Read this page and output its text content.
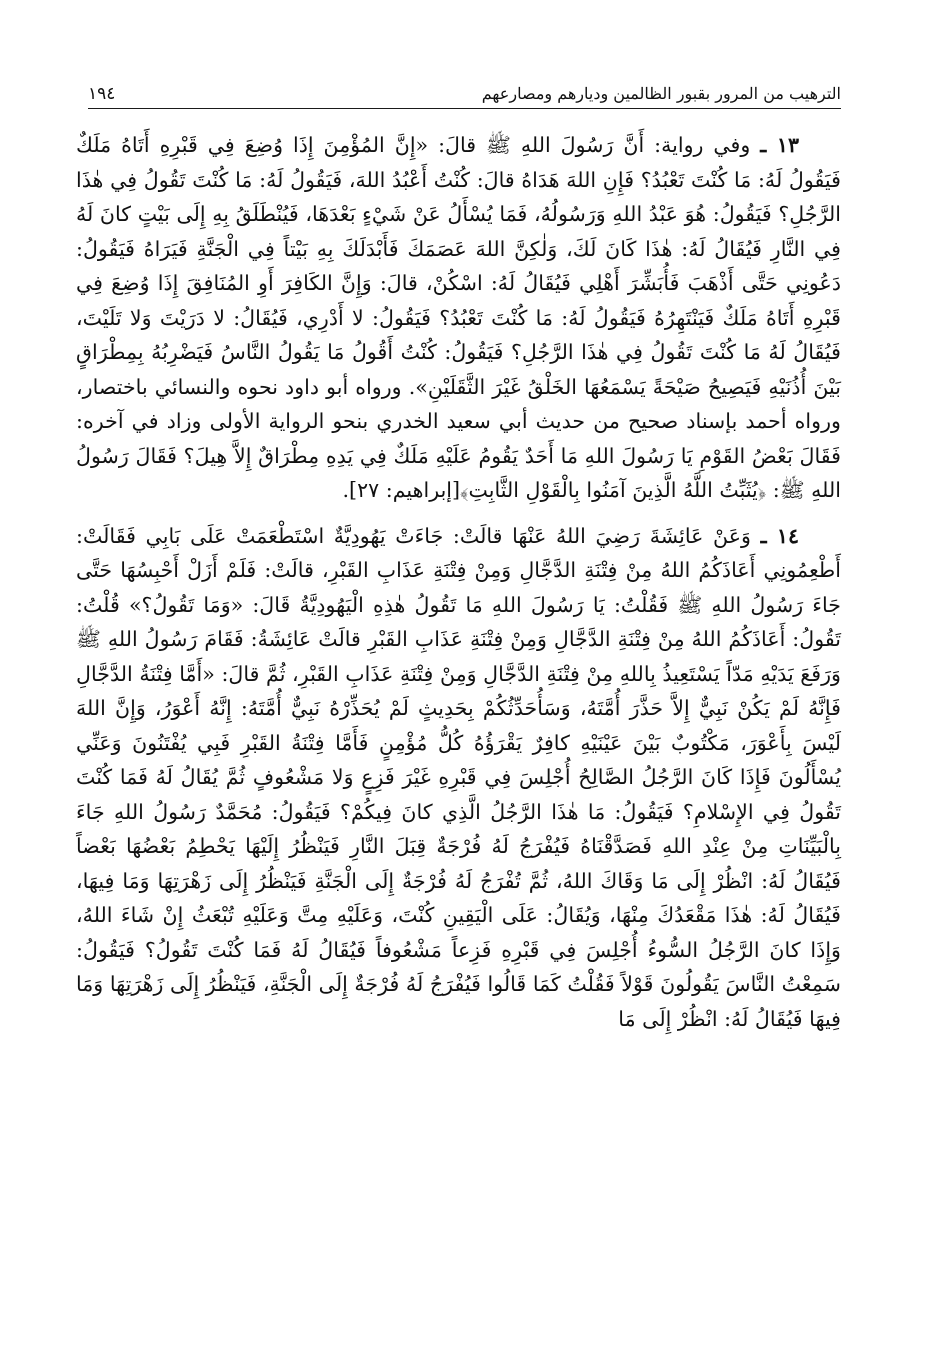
الترهيب من المرور بقبور الظالمين وديارهم ومصارعهم
١٩٤

١٣ ـ وفي رواية: أَنَّ رَسُولَ اللهِ ﷺ قالَ: «إِنَّ المُؤْمِنَ إِذَا وُضِعَ فِي قَبْرِهِ أَتَاهُ مَلَكٌ فَيَقُولُ لَهُ: مَا كُنْتَ تَعْبُدُ؟ فَإِنِ اللهَ هَدَاهُ قالَ: كُنْتُ أَعْبُدُ اللهَ، فَيَقُولُ لَهُ: مَا كُنْتَ تَقُولُ فِي هٰذَا الرَّجُلِ؟ فَيَقُولُ: هُوَ عَبْدُ اللهِ وَرَسُولُهُ، فَمَا يُسْأَلُ عَنْ شَيْءٍ بَعْدَهَا، فَيُنْطَلَقُ بِهِ إِلَى بَيْتٍ كانَ لَهُ فِي النَّارِ فَيُقَالُ لَهُ: هٰذَا كَانَ لَكَ، وَلٰكِنَّ اللهَ عَصَمَكَ فَأَبْدَلَكَ بِهِ بَيْتاً فِي الْجَنَّةِ فَيَرَاهُ فَيَقُولُ: دَعُونِي حَتَّى أَذْهَبَ فَأُبَشِّرَ أَهْلِي فَيُقَالُ لَهُ: اسْكُنْ، قالَ: وَإِنَّ الكَافِرَ أَوِ المُنَافِقَ إِذَا وُضِعَ فِي قَبْرِهِ أَتَاهُ مَلَكٌ فَيَنْتَهِرُهُ فَيَقُولُ لَهُ: مَا كُنْتَ تَعْبُدُ؟ فَيَقُولُ: لا أَدْرِي، فَيُقَالُ: لا دَرَيْتَ وَلا تَلَيْتَ، فَيُقَالُ لَهُ مَا كُنْتَ تَقُولُ فِي هٰذَا الرَّجُلِ؟ فَيَقُولُ: كُنْتُ أَقُولُ مَا يَقُولُ النَّاسُ فَيَضْرِبُهُ بِمِطْرَاقٍ بَيْنَ أُذُنَيْهِ فَيَصِيحُ صَيْحَةً يَسْمَعُهَا الخَلْقُ غَيْرَ الثَّقَلَيْنِ». ورواه أبو داود نحوه والنسائي باختصار، ورواه أحمد بإسناد صحيح من حديث أبي سعيد الخدري بنحو الرواية الأولى وزاد في آخره: فَقَالَ بَعْضُ القَوْمِ يَا رَسُولَ اللهِ مَا أَحَدٌ يَقُومُ عَلَيْهِ مَلَكٌ فِي يَدِهِ مِطْرَاقٌ إِلاَّ هِيلَ؟ فَقَالَ رَسُولُ اللهِ ﷺ: ﴿يُثَبِّتُ اللَّهُ الَّذِينَ آمَنُوا بِالْقَوْلِ الثَّابِتِ﴾[إبراهيم: ٢٧].

١٤ ـ وَعَنْ عَائِشَةَ رَضِيَ اللهُ عَنْهَا قالَتْ: جَاءَتْ يَهُودِيَّةٌ اسْتَطْعَمَتْ عَلَى بَابِي فَقَالَتْ: أَطْعِمُونِي أَعَاذَكُمُ اللهُ مِنْ فِتْنَةِ الدَّجَّالِ وَمِنْ فِتْنَةِ عَذَابِ القَبْرِ، قالَتْ: فَلَمْ أَزَلْ أَحْبِسُهَا حَتَّى جَاءَ رَسُولُ اللهِ ﷺ فَقُلْتُ: يَا رَسُولَ اللهِ مَا تَقُولُ هٰذِهِ الْيَهُودِيَّةُ قَالَ: «وَمَا تَقُولُ؟» قُلْتُ: تَقُولُ: أَعَاذَكُمُ اللهُ مِنْ فِتْنَةِ الدَّجَّالِ وَمِنْ فِتْنَةِ عَذَابِ القَبْرِ قالَتْ عَائِشَةُ: فَقَامَ رَسُولُ اللهِ ﷺ وَرَفَعَ يَدَيْهِ مَدّاً يَسْتَعِيذُ بِاللهِ مِنْ فِتْنَةِ الدَّجَّالِ وَمِنْ فِتْنَةِ عَذَابِ القَبْرِ، ثُمَّ قالَ: «أَمَّا فِتْنَةُ الدَّجَّالِ فَإِنَّهُ لَمْ يَكُنْ نَبِيٌّ إِلاَّ حَذَّرَ أُمَّتَهُ، وَسَأُحَدِّثُكُمْ بِحَدِيثٍ لَمْ يُحَذِّرْهُ نَبِيٌّ أُمَّتَهُ: إِنَّهُ أَعْوَرُ، وَإِنَّ اللهَ لَيْسَ بِأَعْوَرَ، مَكْتُوبٌ بَيْنَ عَيْنَيْهِ كافِرٌ يَقْرَؤُهُ كُلُّ مُؤْمِنٍ فَأَمَّا فِتْنَةُ القَبْرِ فَبِي يُفْتَنُونَ وَعَنِّي يُسْأَلُونَ فَإِذَا كَانَ الرَّجُلُ الصَّالِحُ أُجْلِسَ فِي قَبْرِهِ غَيْرَ فَزِعٍ وَلا مَشْعُوفٍ ثُمَّ يُقَالُ لَهُ فَمَا كُنْتَ تَقُولُ فِي الإِسْلامِ؟ فَيَقُولُ: مَا هٰذَا الرَّجُلُ الَّذِي كانَ فِيكُمْ؟ فَيَقُولُ: مُحَمَّدٌ رَسُولُ اللهِ جَاءَ بِالْبَيِّنَاتِ مِنْ عِنْدِ اللهِ فَصَدَّقْنَاهُ فَيُفْرَجُ لَهُ فُرْجَةٌ قِبَلَ النَّارِ فَيَنْظُرُ إِلَيْهَا يَحْطِمُ بَعْضُهَا بَعْضاً فَيُقَالُ لَهُ: انْظُرْ إِلَى مَا وَقَاكَ اللهُ، ثُمَّ تُفْرَجُ لَهُ فُرْجَةٌ إِلَى الْجَنَّةِ فَيَنْظُرُ إِلَى زَهْرَتِهَا وَمَا فِيهَا، فَيُقَالُ لَهُ: هٰذَا مَقْعَدُكَ مِنْهَا، وَيُقَالُ: عَلَى الْيَقِينِ كُنْتَ، وَعَلَيْهِ مِتَّ وَعَلَيْهِ تُبْعَثُ إِنْ شَاءَ اللهُ، وَإِذَا كانَ الرَّجُلُ السُّوءُ أُجْلِسَ فِي قَبْرِهِ فَزِعاً مَشْعُوفاً فَيُقَالُ لَهُ فَمَا كُنْتَ تَقُولُ؟ فَيَقُولُ: سَمِعْتُ النَّاسَ يَقُولُونَ قَوْلاً فَقُلْتُ كَمَا قَالُوا فَيُفْرَجُ لَهُ فُرْجَةٌ إِلَى الْجَنَّةِ، فَيَنْظُرُ إِلَى زَهْرَتِهَا وَمَا فِيهَا فَيُقَالُ لَهُ: انْظُرْ إِلَى مَا
